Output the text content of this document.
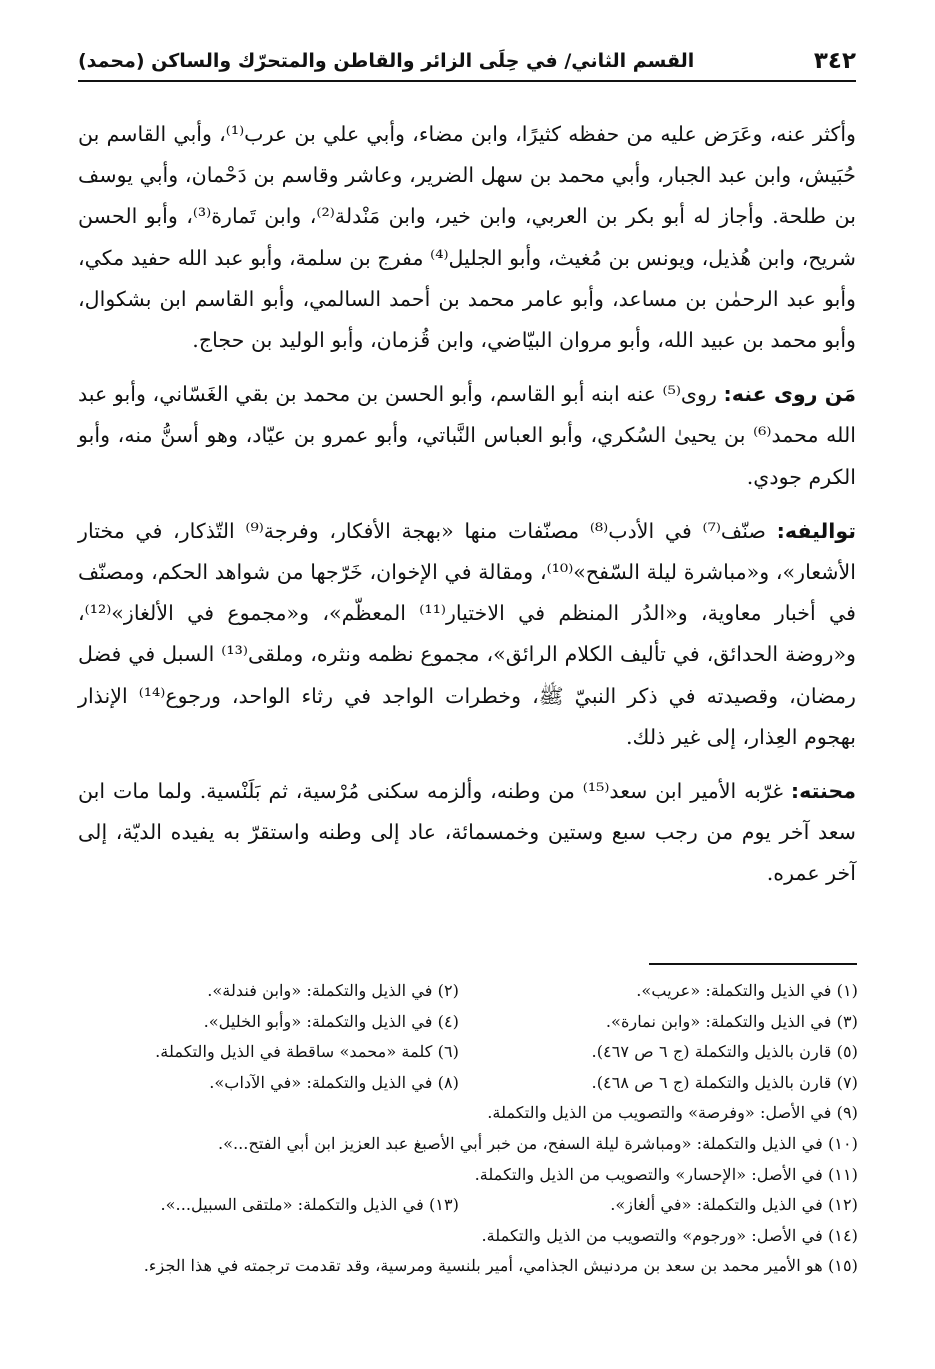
٣٤٢
القسم الثاني/ في حِلَى الزائر والقاطن والمتحرّك والساكن (محمد)

وأكثر عنه، وعَرَض عليه من حفظه كثيرًا، وابن مضاء، وأبي علي بن عرب⁽¹⁾، وأبي القاسم بن حُبَيش، وابن عبد الجبار، وأبي محمد بن سهل الضرير، وعاشر وقاسم بن دَحْمان، وأبي يوسف بن طلحة. وأجاز له أبو بكر بن العربي، وابن خير، وابن مَنْدلة⁽²⁾، وابن تَمارة⁽³⁾، وأبو الحسن شريح، وابن هُذيل، ويونس بن مُغيث، وأبو الجليل⁽⁴⁾ مفرج بن سلمة، وأبو عبد الله حفيد مكي، وأبو عبد الرحمٰن بن مساعد، وأبو عامر محمد بن أحمد السالمي، وأبو القاسم ابن بشكوال، وأبو محمد بن عبيد الله، وأبو مروان البيّاضي، وابن قُزمان، وأبو الوليد بن حجاج.

مَن روى عنه: روى⁽⁵⁾ عنه ابنه أبو القاسم، وأبو الحسن بن محمد بن بقي الغَسّاني، وأبو عبد الله محمد⁽⁶⁾ بن يحيىٰ السُكري، وأبو العباس النَّباتي، وأبو عمرو بن عيّاد، وهو أسنُّ منه، وأبو الكرم جودي.

تواليفه: صنّف⁽⁷⁾ في الأدب⁽⁸⁾ مصنّفات منها «بهجة الأفكار، وفرجة⁽⁹⁾ التّذكار، في مختار الأشعار»، و«مباشرة ليلة السّفح»⁽¹⁰⁾، ومقالة في الإخوان، خَرّجها من شواهد الحكم، ومصنّف في أخبار معاوية، و«الدُر المنظم في الاختيار⁽¹¹⁾ المعظّم»، و«مجموع في الألغاز»⁽¹²⁾، و«روضة الحدائق، في تأليف الكلام الرائق»، مجموع نظمه ونثره، وملقى⁽¹³⁾ السبل في فضل رمضان، وقصيدته في ذكر النبيّ ﷺ، وخطرات الواجد في رثاء الواحد، ورجوع⁽¹⁴⁾ الإنذار بهجوم العِذار، إلى غير ذلك.

محنته: غرّبه الأمير ابن سعد⁽¹⁵⁾ من وطنه، وألزمه سكنى مُرْسية، ثم بَلَنْسية. ولما مات ابن سعد آخر يوم من رجب سبع وستين وخمسمائة، عاد إلى وطنه واستقرّ به يفيده الديّة، إلى آخر عمره.

(١) في الذيل والتكملة: «عريب».
(٢) في الذيل والتكملة: «وابن فندلة».
(٣) في الذيل والتكملة: «وابن نمارة».
(٤) في الذيل والتكملة: «وأبو الخليل».
(٥) قارن بالذيل والتكملة (ج ٦ ص ٤٦٧).
(٦) كلمة «محمد» ساقطة في الذيل والتكملة.
(٧) قارن بالذيل والتكملة (ج ٦ ص ٤٦٨).
(٨) في الذيل والتكملة: «في الآداب».
(٩) في الأصل: «وفرصة» والتصويب من الذيل والتكملة.
(١٠) في الذيل والتكملة: «ومباشرة ليلة السفح، من خبر أبي الأصبغ عبد العزيز ابن أبي الفتح...».
(١١) في الأصل: «الإحسار» والتصويب من الذيل والتكملة.
(١٢) في الذيل والتكملة: «في ألغاز».
(١٣) في الذيل والتكملة: «ملتقى السبيل...».
(١٤) في الأصل: «ورجوم» والتصويب من الذيل والتكملة.
(١٥) هو الأمير محمد بن سعد بن مردنيش الجذامي، أمير بلنسية ومرسية، وقد تقدمت ترجمته في هذا الجزء.
